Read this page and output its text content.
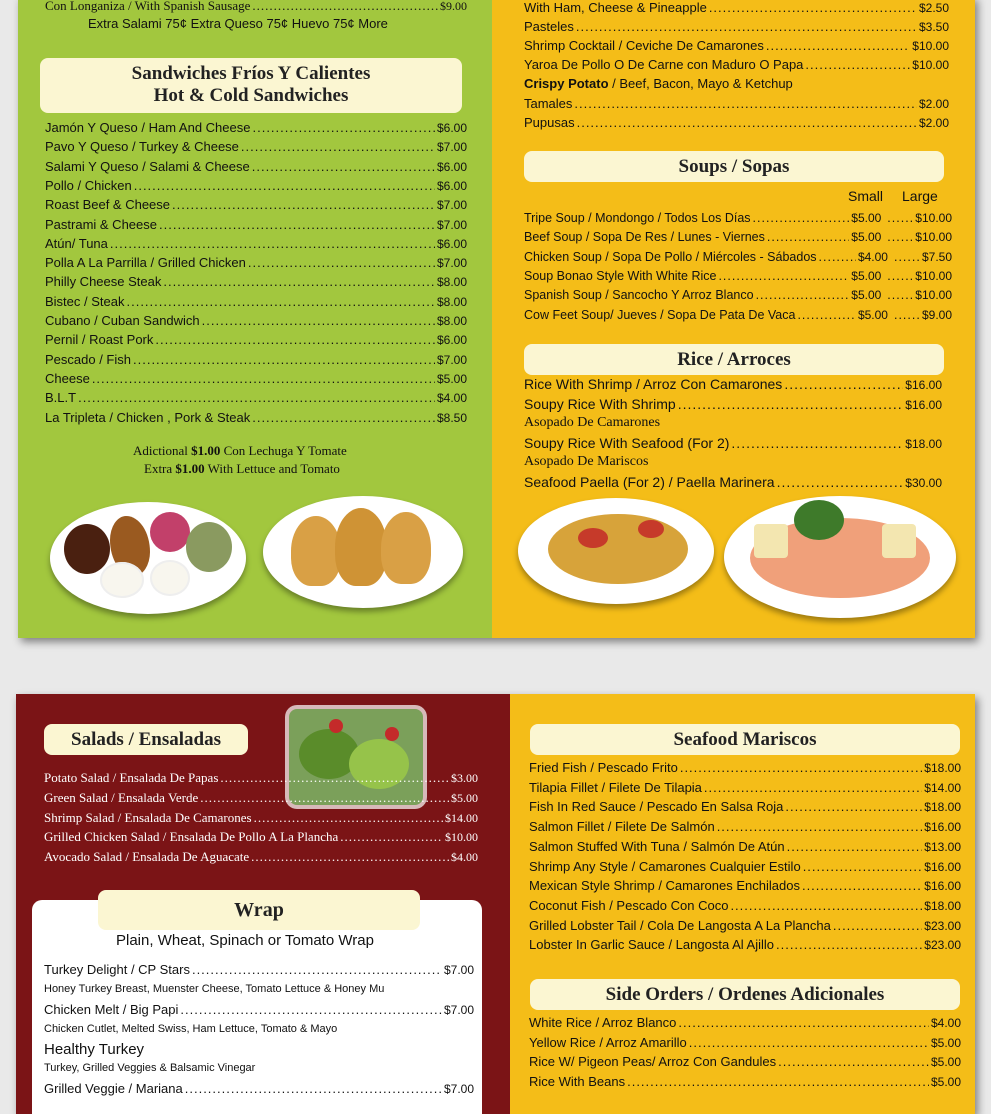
Con Longaniza / With Spanish Sausage .....	$9.00
Extra Salami 75¢ Extra Queso 75¢ Huevo 75¢ More
Sandwiches Fríos Y Calientes
Hot & Cold Sandwiches
Jamón Y Queso / Ham And Cheese .....	$6.00
Pavo Y Queso / Turkey & Cheese .....	$7.00
Salami Y Queso / Salami & Cheese .....	$6.00
Pollo / Chicken .....	$6.00
Roast Beef & Cheese .....	$7.00
Pastrami & Cheese .....	$7.00
Atún/ Tuna .....	$6.00
Polla A La Parrilla / Grilled Chicken .....	$7.00
Philly Cheese Steak .....	$8.00
Bistec / Steak .....	$8.00
Cubano / Cuban Sandwich .....	$8.00
Pernil / Roast Pork .....	$6.00
Pescado / Fish .....	$7.00
Cheese .....	$5.00
B.L.T .....	$4.00
La Tripleta / Chicken , Pork & Steak .....	$8.50
Adictional $1.00 Con Lechuga Y Tomate
Extra $1.00 With Lettuce and Tomato
With Ham, Cheese & Pineapple .....	$2.50
Pasteles .....	$3.50
Shrimp Cocktail / Ceviche De Camarones .....	$10.00
Yaroa De Pollo O De Carne con Maduro O Papa .....	$10.00
Tamales .....	$2.00
Pupusas .....	$2.00
Crispy Potato / Beef, Bacon, Mayo & Ketchup
Soups / Sopas
Small Large
Tripe Soup / Mondongo / Todos Los Días .....	$5.00 .....	$10.00
Beef Soup / Sopa De Res / Lunes - Viernes .....	$5.00 .....	$10.00
Chicken Soup / Sopa De Pollo / Miércoles - Sábados .....	$4.00 .....	$7.50
Soup Bonao Style With White Rice .....	$5.00 .....	$10.00
Spanish Soup / Sancocho Y Arroz Blanco .....	$5.00 .....	$10.00
Cow Feet Soup/ Jueves / Sopa De Pata De Vaca .....	$5.00 .....	$9.00
Rice / Arroces
Rice With Shrimp / Arroz Con Camarones .....	$16.00
Soupy Rice With Shrimp .....	$16.00
Asopado De Camarones
Soupy Rice With Seafood (For 2) .....	$18.00
Asopado De Mariscos
Seafood Paella (For 2) / Paella Marinera .....	$30.00
Salads / Ensaladas
Potato Salad / Ensalada De Papas .....	$3.00
Green Salad / Ensalada Verde .....	$5.00
Shrimp Salad / Ensalada De Camarones .....	$14.00
Grilled Chicken Salad / Ensalada De Pollo A La Plancha .....	$10.00
Avocado Salad / Ensalada De Aguacate .....	$4.00
Wrap
Plain, Wheat, Spinach or Tomato Wrap
Turkey Delight / CP Stars .....	$7.00
Honey Turkey Breast, Muenster Cheese, Tomato Lettuce & Honey Mu
Chicken Melt / Big Papi .....	$7.00
Chicken Cutlet, Melted Swiss, Ham Lettuce, Tomato & Mayo
Healthy Turkey
Turkey, Grilled Veggies & Balsamic Vinegar
Grilled Veggie / Mariana .....	$7.00
Seafood Mariscos
Fried Fish / Pescado Frito .....	$18.00
Tilapia Fillet / Filete De Tilapia .....	$14.00
Fish In Red Sauce / Pescado En Salsa Roja .....	$18.00
Salmon Fillet / Filete De Salmón .....	$16.00
Salmon Stuffed With Tuna / Salmón De Atún .....	$13.00
Shrimp Any Style / Camarones Cualquier Estilo .....	$16.00
Mexican Style Shrimp / Camarones Enchilados .....	$16.00
Coconut Fish / Pescado Con Coco .....	$18.00
Grilled Lobster Tail / Cola De Langosta A La Plancha .....	$23.00
Lobster In Garlic Sauce / Langosta Al Ajillo .....	$23.00
Side Orders / Ordenes Adicionales
White Rice / Arroz Blanco .....	$4.00
Yellow Rice / Arroz Amarillo .....	$5.00
Rice W/ Pigeon Peas/ Arroz Con Gandules .....	$5.00
Rice With Beans .....	$5.00
